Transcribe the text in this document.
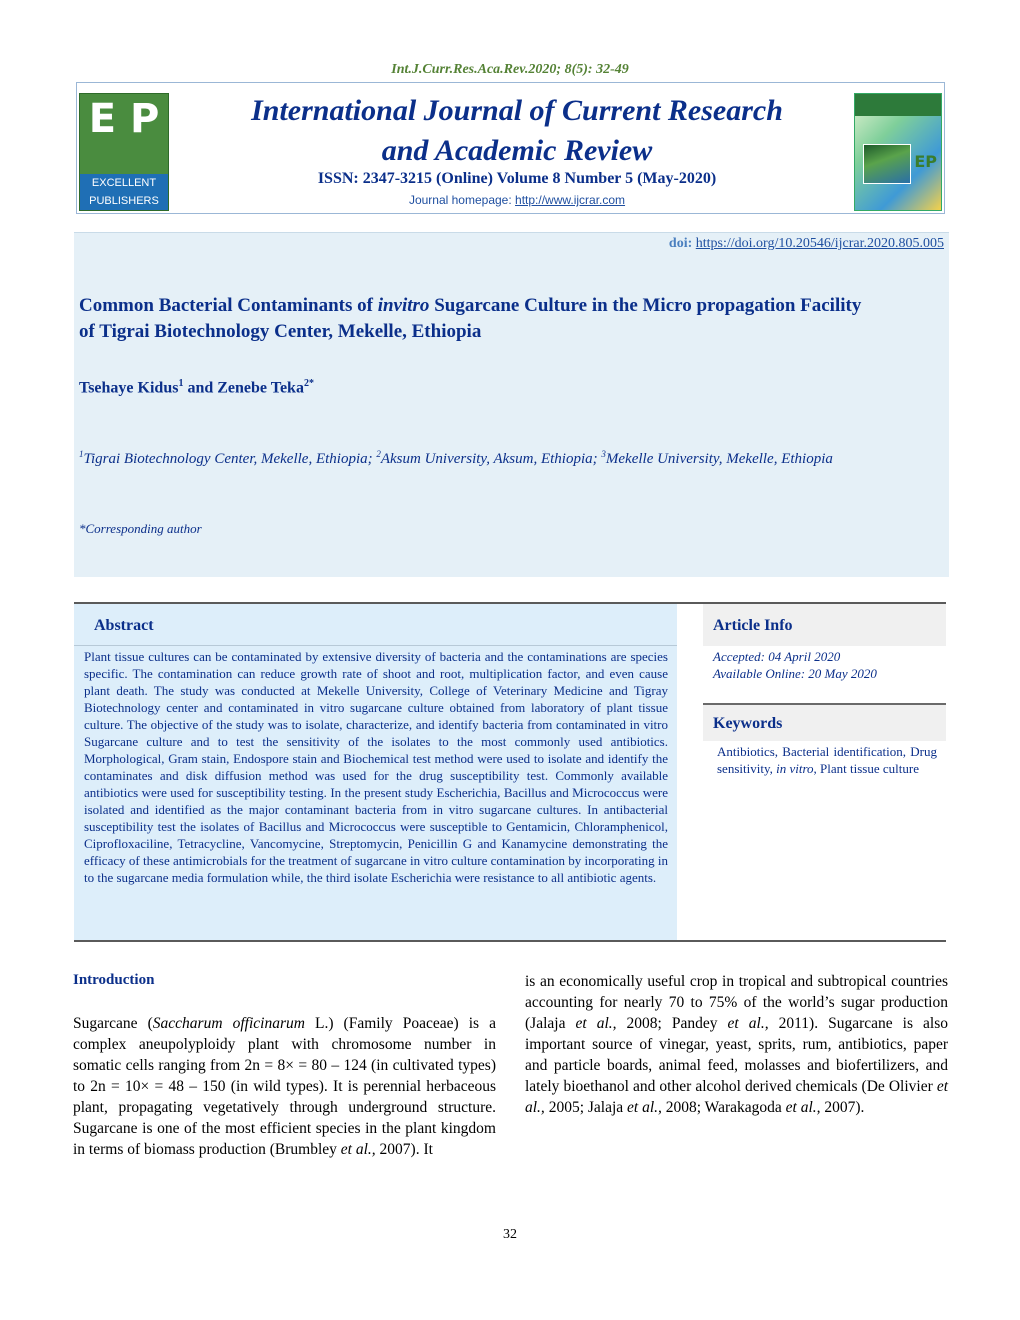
Int.J.Curr.Res.Aca.Rev.2020; 8(5): 32-49
E P
EXCELLENT
PUBLISHERS
International Journal of Current Research
and Academic Review
ISSN: 2347-3215 (Online) Volume 8 Number 5 (May-2020)
Journal homepage: http://www.ijcrar.com
EP
doi: https://doi.org/10.20546/ijcrar.2020.805.005
Common Bacterial Contaminants of invitro Sugarcane Culture in the Micro propagation Facility of Tigrai Biotechnology Center, Mekelle, Ethiopia
Tsehaye Kidus$^1$ and Zenebe Teka$^{2*}$
$^1$Tigrai Biotechnology Center, Mekelle, Ethiopia; $^2$Aksum University, Aksum, Ethiopia; $^3$Mekelle University, Mekelle, Ethiopia
*Corresponding author
Abstract
Plant tissue cultures can be contaminated by extensive diversity of bacteria and the contaminations are species specific. The contamination can reduce growth rate of shoot and root, multiplication factor, and even cause plant death. The study was conducted at Mekelle University, College of Veterinary Medicine and Tigray Biotechnology center and contaminated in vitro sugarcane culture obtained from laboratory of plant tissue culture. The objective of the study was to isolate, characterize, and identify bacteria from contaminated in vitro Sugarcane culture and to test the sensitivity of the isolates to the most commonly used antibiotics. Morphological, Gram stain, Endospore stain and Biochemical test method were used to isolate and identify the contaminates and disk diffusion method was used for the drug susceptibility test. Commonly available antibiotics were used for susceptibility testing. In the present study Escherichia, Bacillus and Micrococcus were isolated and identified as the major contaminant bacteria from in vitro sugarcane cultures. In antibacterial susceptibility test the isolates of Bacillus and Micrococcus were susceptible to Gentamicin, Chloramphenicol, Ciprofloxaciline, Tetracycline, Vancomycine, Streptomycin, Penicillin G and Kanamycine demonstrating the efficacy of these antimicrobials for the treatment of sugarcane in vitro culture contamination by incorporating in to the sugarcane media formulation while, the third isolate Escherichia were resistance to all antibiotic agents.
Article Info
Accepted: 04 April 2020
Available Online: 20 May 2020
Keywords
Antibiotics, Bacterial identification, Drug sensitivity, in vitro, Plant tissue culture
Introduction
Sugarcane (Saccharum officinarum L.) (Family Poaceae) is a complex aneupolyploidy plant with chromosome number in somatic cells ranging from 2n = 8× = 80 – 124 (in cultivated types) to 2n = 10× = 48 – 150 (in wild types). It is perennial herbaceous plant, propagating vegetatively through underground structure. Sugarcane is one of the most efficient species in the plant kingdom in terms of biomass production (Brumbley et al., 2007). It
is an economically useful crop in tropical and subtropical countries accounting for nearly 70 to 75% of the world’s sugar production (Jalaja et al., 2008; Pandey et al., 2011). Sugarcane is also important source of vinegar, yeast, sprits, rum, antibiotics, paper and particle boards, animal feed, molasses and biofertilizers, and lately bioethanol and other alcohol derived chemicals (De Olivier et al., 2005; Jalaja et al., 2008; Warakagoda et al., 2007).
32
